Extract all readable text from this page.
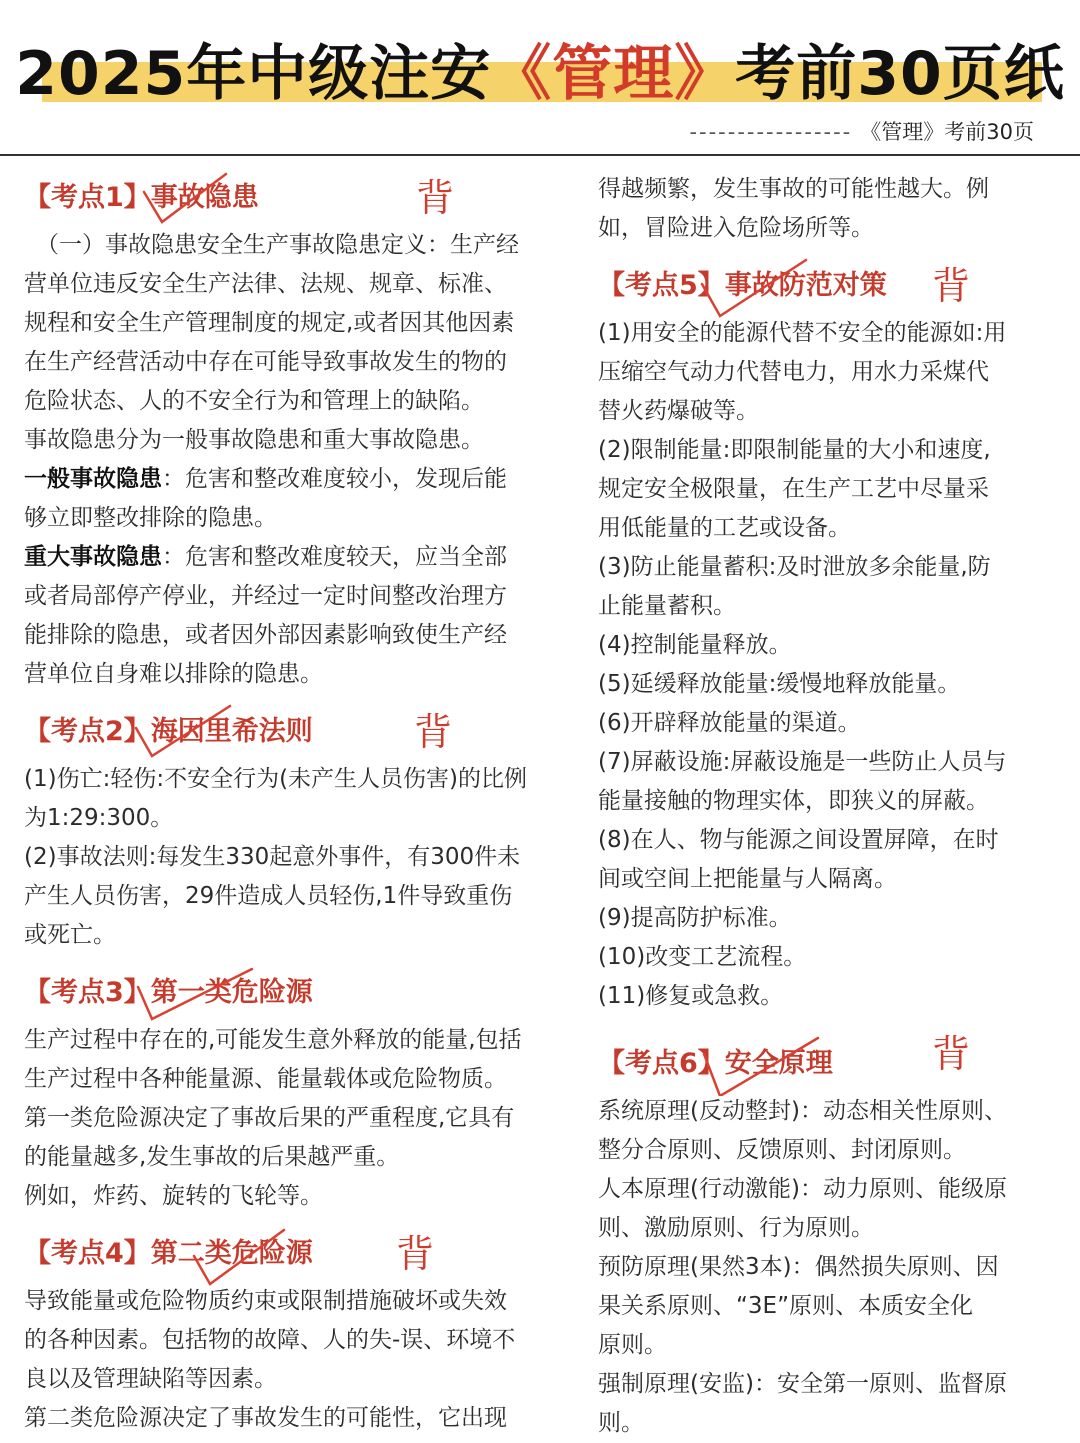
2025年中级注安《管理》考前30页纸
----------------- 《管理》考前30页
【考点1】事故隐患	背

（一）事故隐患安全生产事故隐患定义：生产经

营单位违反安全生产法律、法规、规章、标准、

规程和安全生产管理制度的规定,或者因其他因素

在生产经营活动中存在可能导致事故发生的物的

危险状态、人的不安全行为和管理上的缺陷。

事故隐患分为一般事故隐患和重大事故隐患。

一般事故隐患：危害和整改难度较小，发现后能

够立即整改排除的隐患。

重大事故隐患：危害和整改难度较天，应当全部

或者局部停产停业，并经过一定时间整改治理方

能排除的隐患，或者因外部因素影响致使生产经

营单位自身难以排除的隐患。

【考点2】海因里希法则	背

(1)伤亡:轻伤:不安全行为(未产生人员伤害)的比例

为1:29:300。

(2)事故法则:每发生330起意外事件，有300件未

产生人员伤害，29件造成人员轻伤,1件导致重伤

或死亡。

【考点3】第一类危险源

生产过程中存在的,可能发生意外释放的能量,包括

生产过程中各种能量源、能量载体或危险物质。

第一类危险源决定了事故后果的严重程度,它具有

的能量越多,发生事故的后果越严重。

例如，炸药、旋转的飞轮等。

【考点4】第二类危险源 背

导致能量或危险物质约束或限制措施破坏或失效

的各种因素。包括物的故障、人的失-误、环境不

良以及管理缺陷等因素。

第二类危险源决定了事故发生的可能性，它出现

得越频繁，发生事故的可能性越大。例

如，冒险进入危险场所等。

【考点5】事故防范对策 背

(1)用安全的能源代替不安全的能源如:用

压缩空气动力代替电力，用水力采煤代

替火药爆破等。

(2)限制能量:即限制能量的大小和速度,

规定安全极限量，在生产工艺中尽量采

用低能量的工艺或设备。

(3)防止能量蓄积:及时泄放多余能量,防

止能量蓄积。

(4)控制能量释放。

(5)延缓释放能量:缓慢地释放能量。

(6)开辟释放能量的渠道。

(7)屏蔽设施:屏蔽设施是一些防止人员与

能量接触的物理实体，即狭义的屏蔽。

(8)在人、物与能源之间设置屏障，在时

间或空间上把能量与人隔离。

(9)提高防护标准。

(10)改变工艺流程。

(11)修复或急救。

【考点6】安全原理	背

系统原理(反动整封)：动态相关性原则、

整分合原则、反馈原则、封闭原则。

人本原理(行动激能)：动力原则、能级原

则、激励原则、行为原则。

预防原理(果然3本)：偶然损失原则、因

果关系原则、“3E”原则、本质安全化

原则。

强制原理(安监)：安全第一原则、监督原

则。
